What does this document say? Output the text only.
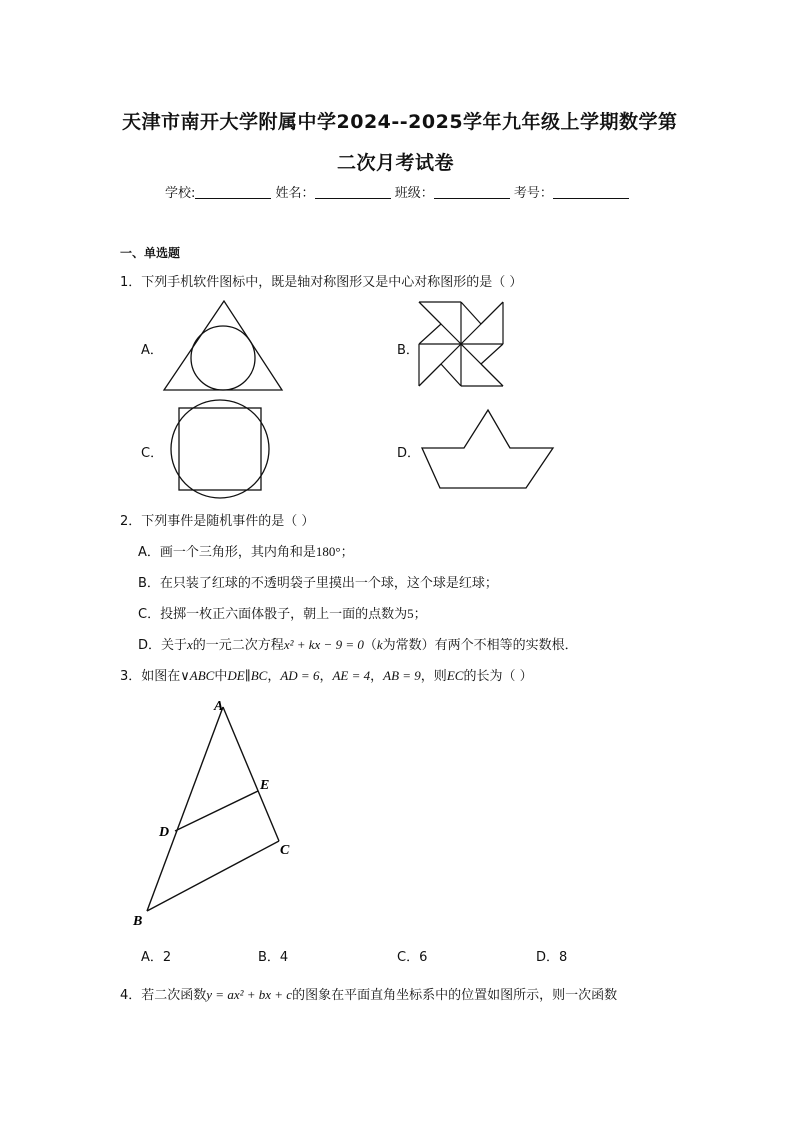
天津市南开大学附属中学2024--2025学年九年级上学期数学第
二次月考试卷
学校:	姓名：	班级：	考号：
一、单选题
1．下列手机软件图标中，既是轴对称图形又是中心对称图形的是（ ）
A．	B．
C．	D．
2．下列事件是随机事件的是（ ）
A．画一个三角形，其内角和是180°；
B．在只装了红球的不透明袋子里摸出一个球，这个球是红球；
C．投掷一枚正六面体骰子，朝上一面的点数为5；
D．关于x的一元二次方程x² + kx − 9 = 0（k为常数）有两个不相等的实数根．
3．如图在∨ABC中DE∥BC，AD = 6，AE = 4，AB = 9，则EC的长为（ ）
A
E
D
C
B
A．2	B．4	C．6	D．8
4．若二次函数y = ax² + bx + c的图象在平面直角坐标系中的位置如图所示，则一次函数
